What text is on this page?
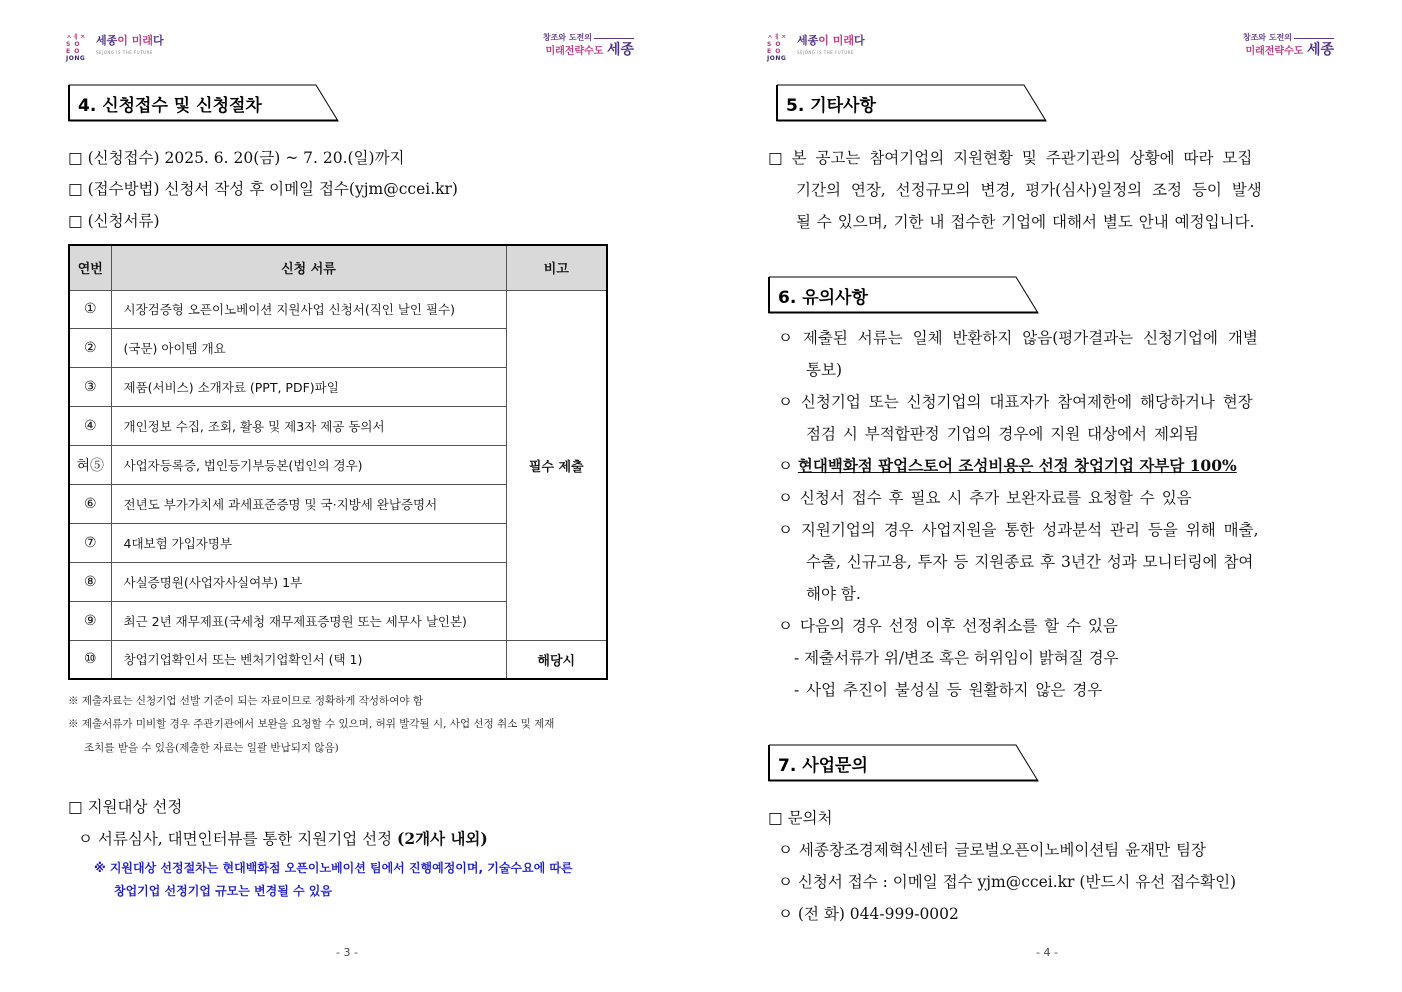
ㅅㅔㅈ
S O
E O
JONG
세종이 미래다
SEJONG IS THE FUTURE
창조와 도전의
미래전략수도 세종
4. 신청접수 및 신청절차
□ (신청접수) 2025. 6. 20(금) ~ 7. 20.(일)까지
□ (접수방법) 신청서 작성 후 이메일 접수(yjm@ccei.kr)
□ (신청서류)
연번	신청 서류	비고
①	시장검증형 오픈이노베이션 지원사업 신청서(직인 날인 필수)	필수 제출
②	(국문) 아이템 개요	
③	제품(서비스) 소개자료 (PPT, PDF)파일	
④	개인정보 수집, 조회, 활용 및 제3자 제공 동의서	
혀⑤	사업자등록증, 법인등기부등본(법인의 경우)	
⑥	전년도 부가가치세 과세표준증명 및 국·지방세 완납증명서	
⑦	4대보험 가입자명부	
⑧	사실증명원(사업자사실여부) 1부	
⑨	최근 2년 재무제표(국세청 재무제표증명원 또는 세무사 날인본)	
⑩	창업기업확인서 또는 벤처기업확인서 (택 1)	해당시
※ 제출자료는 신청기업 선발 기준이 되는 자료이므로 정확하게 작성하여야 함
※ 제출서류가 미비할 경우 주관기관에서 보완을 요청할 수 있으며, 허위 발각될 시, 사업 선정 취소 및 제재
조치를 받을 수 있음(제출한 자료는 일괄 반납되지 않음)
□ 지원대상 선정
ㅇ 서류심사, 대면인터뷰를 통한 지원기업 선정 (2개사 내외)
※ 지원대상 선정절차는 현대백화점 오픈이노베이션 팀에서 진행예정이며, 기술수요에 따른
창업기업 선정기업 규모는 변경될 수 있음
- 3 -
ㅅㅔㅈ
S O
E O
JONG
세종이 미래다
SEJONG IS THE FUTURE
창조와 도전의
미래전략수도 세종
5. 기타사항
□ 본 공고는 참여기업의 지원현황 및 주관기관의 상황에 따라 모집
기간의 연장, 선정규모의 변경, 평가(심사)일정의 조정 등이 발생
될 수 있으며, 기한 내 접수한 기업에 대해서 별도 안내 예정입니다.
6. 유의사항
ㅇ 제출된 서류는 일체 반환하지 않음(평가결과는 신청기업에 개별
통보)
ㅇ 신청기업 또는 신청기업의 대표자가 참여제한에 해당하거나 현장
점검 시 부적합판정 기업의 경우에 지원 대상에서 제외됨
ㅇ 현대백화점 팝업스토어 조성비용은 선정 창업기업 자부담 100%
ㅇ 신청서 접수 후 필요 시 추가 보완자료를 요청할 수 있음
ㅇ 지원기업의 경우 사업지원을 통한 성과분석 관리 등을 위해 매출,
수출, 신규고용, 투자 등 지원종료 후 3년간 성과 모니터링에 참여
해야 함.
ㅇ 다음의 경우 선정 이후 선정취소를 할 수 있음
- 제출서류가 위/변조 혹은 허위임이 밝혀질 경우
- 사업 추진이 불성실 등 원활하지 않은 경우
7. 사업문의
□ 문의처
ㅇ 세종창조경제혁신센터 글로벌오픈이노베이션팀 윤재만 팀장
ㅇ 신청서 접수 : 이메일 접수 yjm@ccei.kr (반드시 유선 접수확인)
ㅇ (전 화) 044-999-0002
- 4 -
